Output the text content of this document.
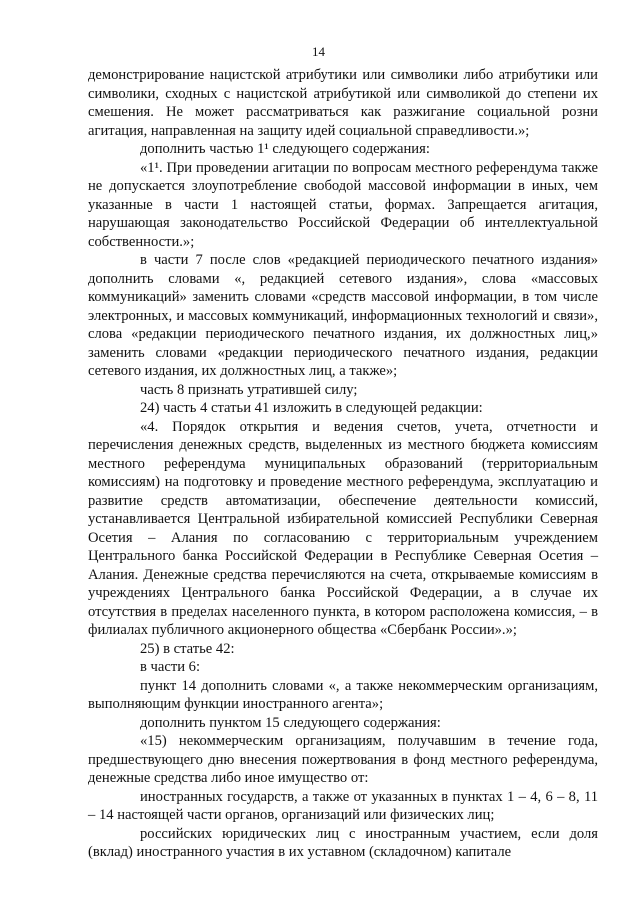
14

демонстрирование нацистской атрибутики или символики либо атрибутики или символики, сходных с нацистской атрибутикой или символикой до степени их смешения. Не может рассматриваться как разжигание социальной розни агитация, направленная на защиту идей социальной справедливости.»;

дополнить частью 1¹ следующего содержания:

«1¹. При проведении агитации по вопросам местного референдума также не допускается злоупотребление свободой массовой информации в иных, чем указанные в части 1 настоящей статьи, формах. Запрещается агитация, нарушающая законодательство Российской Федерации об интеллектуальной собственности.»;

в части 7 после слов «редакцией периодического печатного издания» дополнить словами «, редакцией сетевого издания», слова «массовых коммуникаций» заменить словами «средств массовой информации, в том числе электронных, и массовых коммуникаций, информационных технологий и связи», слова «редакции периодического печатного издания, их должностных лиц,» заменить словами «редакции периодического печатного издания, редакции сетевого издания, их должностных лиц, а также»;

часть 8 признать утратившей силу;

24) часть 4 статьи 41 изложить в следующей редакции:

«4. Порядок открытия и ведения счетов, учета, отчетности и перечисления денежных средств, выделенных из местного бюджета комиссиям местного референдума муниципальных образований (территориальным комиссиям) на подготовку и проведение местного референдума, эксплуатацию и развитие средств автоматизации, обеспечение деятельности комиссий, устанавливается Центральной избирательной комиссией Республики Северная Осетия – Алания по согласованию с территориальным учреждением Центрального банка Российской Федерации в Республике Северная Осетия – Алания. Денежные средства перечисляются на счета, открываемые комиссиям в учреждениях Центрального банка Российской Федерации, а в случае их отсутствия в пределах населенного пункта, в котором расположена комиссия, – в филиалах публичного акционерного общества «Сбербанк России».»;

25) в статье 42:

в части 6:

пункт 14 дополнить словами «, а также некоммерческим организациям, выполняющим функции иностранного агента»;

дополнить пунктом 15 следующего содержания:

«15) некоммерческим организациям, получавшим в течение года, предшествующего дню внесения пожертвования в фонд местного референдума, денежные средства либо иное имущество от:

иностранных государств, а также от указанных в пунктах 1 – 4, 6 – 8, 11 – 14 настоящей части органов, организаций или физических лиц;

российских юридических лиц с иностранным участием, если доля (вклад) иностранного участия в их уставном (складочном) капитале
